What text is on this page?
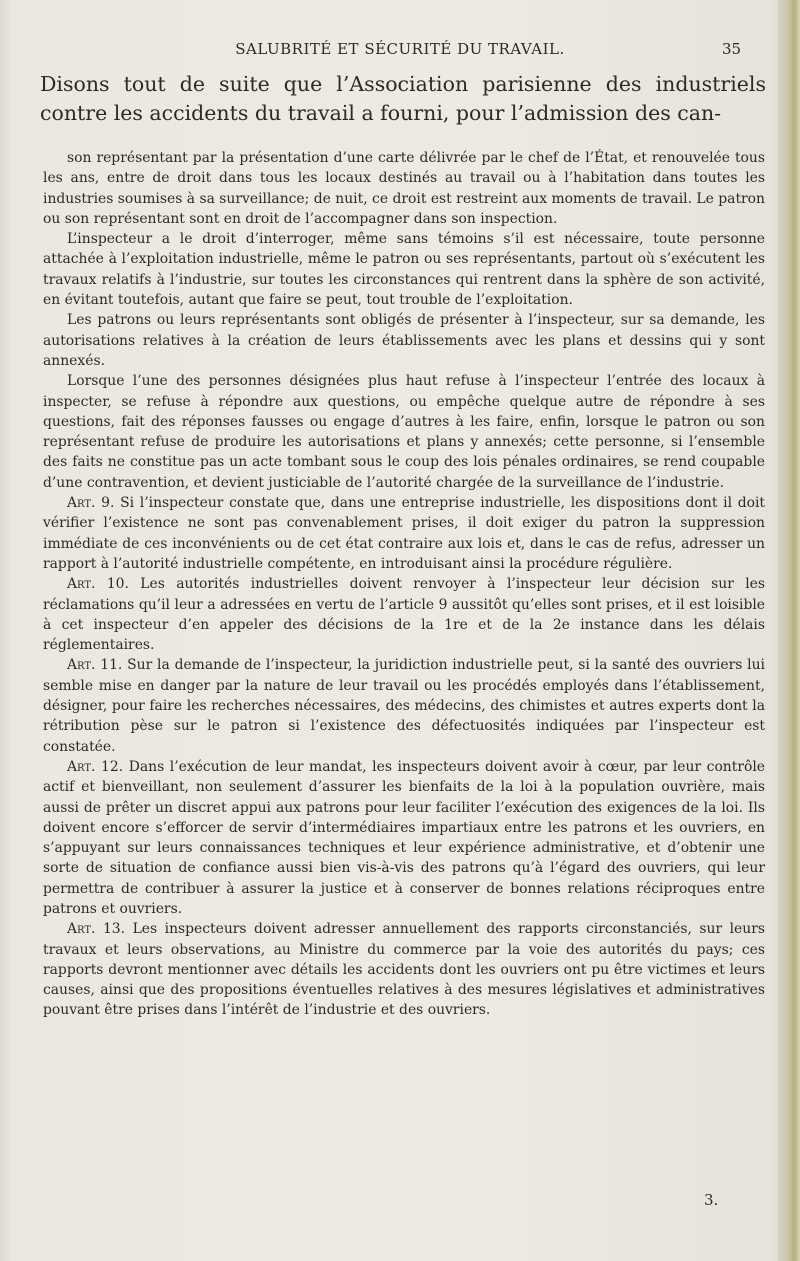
SALUBRITÉ ET SÉCURITÉ DU TRAVAIL.	35

Disons tout de suite que l’Association parisienne des industriels contre les accidents du travail a fourni, pour l’admission des can-

son représentant par la présentation d’une carte délivrée par le chef de l’État, et renouvelée tous les ans, entre de droit dans tous les locaux destinés au travail ou à l’habitation dans toutes les industries soumises à sa surveillance; de nuit, ce droit est restreint aux moments de travail. Le patron ou son représentant sont en droit de l’accompagner dans son inspection.

L’inspecteur a le droit d’interroger, même sans témoins s’il est nécessaire, toute personne attachée à l’exploitation industrielle, même le patron ou ses représentants, partout où s’exécutent les travaux relatifs à l’industrie, sur toutes les circonstances qui rentrent dans la sphère de son activité, en évitant toutefois, autant que faire se peut, tout trouble de l’exploitation.

Les patrons ou leurs représentants sont obligés de présenter à l’inspecteur, sur sa demande, les autorisations relatives à la création de leurs établissements avec les plans et dessins qui y sont annexés.

Lorsque l’une des personnes désignées plus haut refuse à l’inspecteur l’entrée des locaux à inspecter, se refuse à répondre aux questions, ou empêche quelque autre de répondre à ses questions, fait des réponses fausses ou engage d’autres à les faire, enfin, lorsque le patron ou son représentant refuse de produire les autorisations et plans y annexés; cette personne, si l’ensemble des faits ne constitue pas un acte tombant sous le coup des lois pénales ordinaires, se rend coupable d’une contravention, et devient justiciable de l’autorité chargée de la surveillance de l’industrie.

Art. 9. Si l’inspecteur constate que, dans une entreprise industrielle, les dispositions dont il doit vérifier l’existence ne sont pas convenablement prises, il doit exiger du patron la suppression immédiate de ces inconvénients ou de cet état contraire aux lois et, dans le cas de refus, adresser un rapport à l’autorité industrielle compétente, en introduisant ainsi la procédure régulière.

Art. 10. Les autorités industrielles doivent renvoyer à l’inspecteur leur décision sur les réclamations qu’il leur a adressées en vertu de l’article 9 aussitôt qu’elles sont prises, et il est loisible à cet inspecteur d’en appeler des décisions de la 1re et de la 2e instance dans les délais réglementaires.

Art. 11. Sur la demande de l’inspecteur, la juridiction industrielle peut, si la santé des ouvriers lui semble mise en danger par la nature de leur travail ou les procédés employés dans l’établissement, désigner, pour faire les recherches nécessaires, des médecins, des chimistes et autres experts dont la rétribution pèse sur le patron si l’existence des défectuosités indiquées par l’inspecteur est constatée.

Art. 12. Dans l’exécution de leur mandat, les inspecteurs doivent avoir à cœur, par leur contrôle actif et bienveillant, non seulement d’assurer les bienfaits de la loi à la population ouvrière, mais aussi de prêter un discret appui aux patrons pour leur faciliter l’exécution des exigences de la loi. Ils doivent encore s’efforcer de servir d’intermédiaires impartiaux entre les patrons et les ouvriers, en s’appuyant sur leurs connaissances techniques et leur expérience administrative, et d’obtenir une sorte de situation de confiance aussi bien vis-à-vis des patrons qu’à l’égard des ouvriers, qui leur permettra de contribuer à assurer la justice et à conserver de bonnes relations réciproques entre patrons et ouvriers.

Art. 13. Les inspecteurs doivent adresser annuellement des rapports circonstanciés, sur leurs travaux et leurs observations, au Ministre du commerce par la voie des autorités du pays; ces rapports devront mentionner avec détails les accidents dont les ouvriers ont pu être victimes et leurs causes, ainsi que des propositions éventuelles relatives à des mesures législatives et administratives pouvant être prises dans l’intérêt de l’industrie et des ouvriers.

3.
